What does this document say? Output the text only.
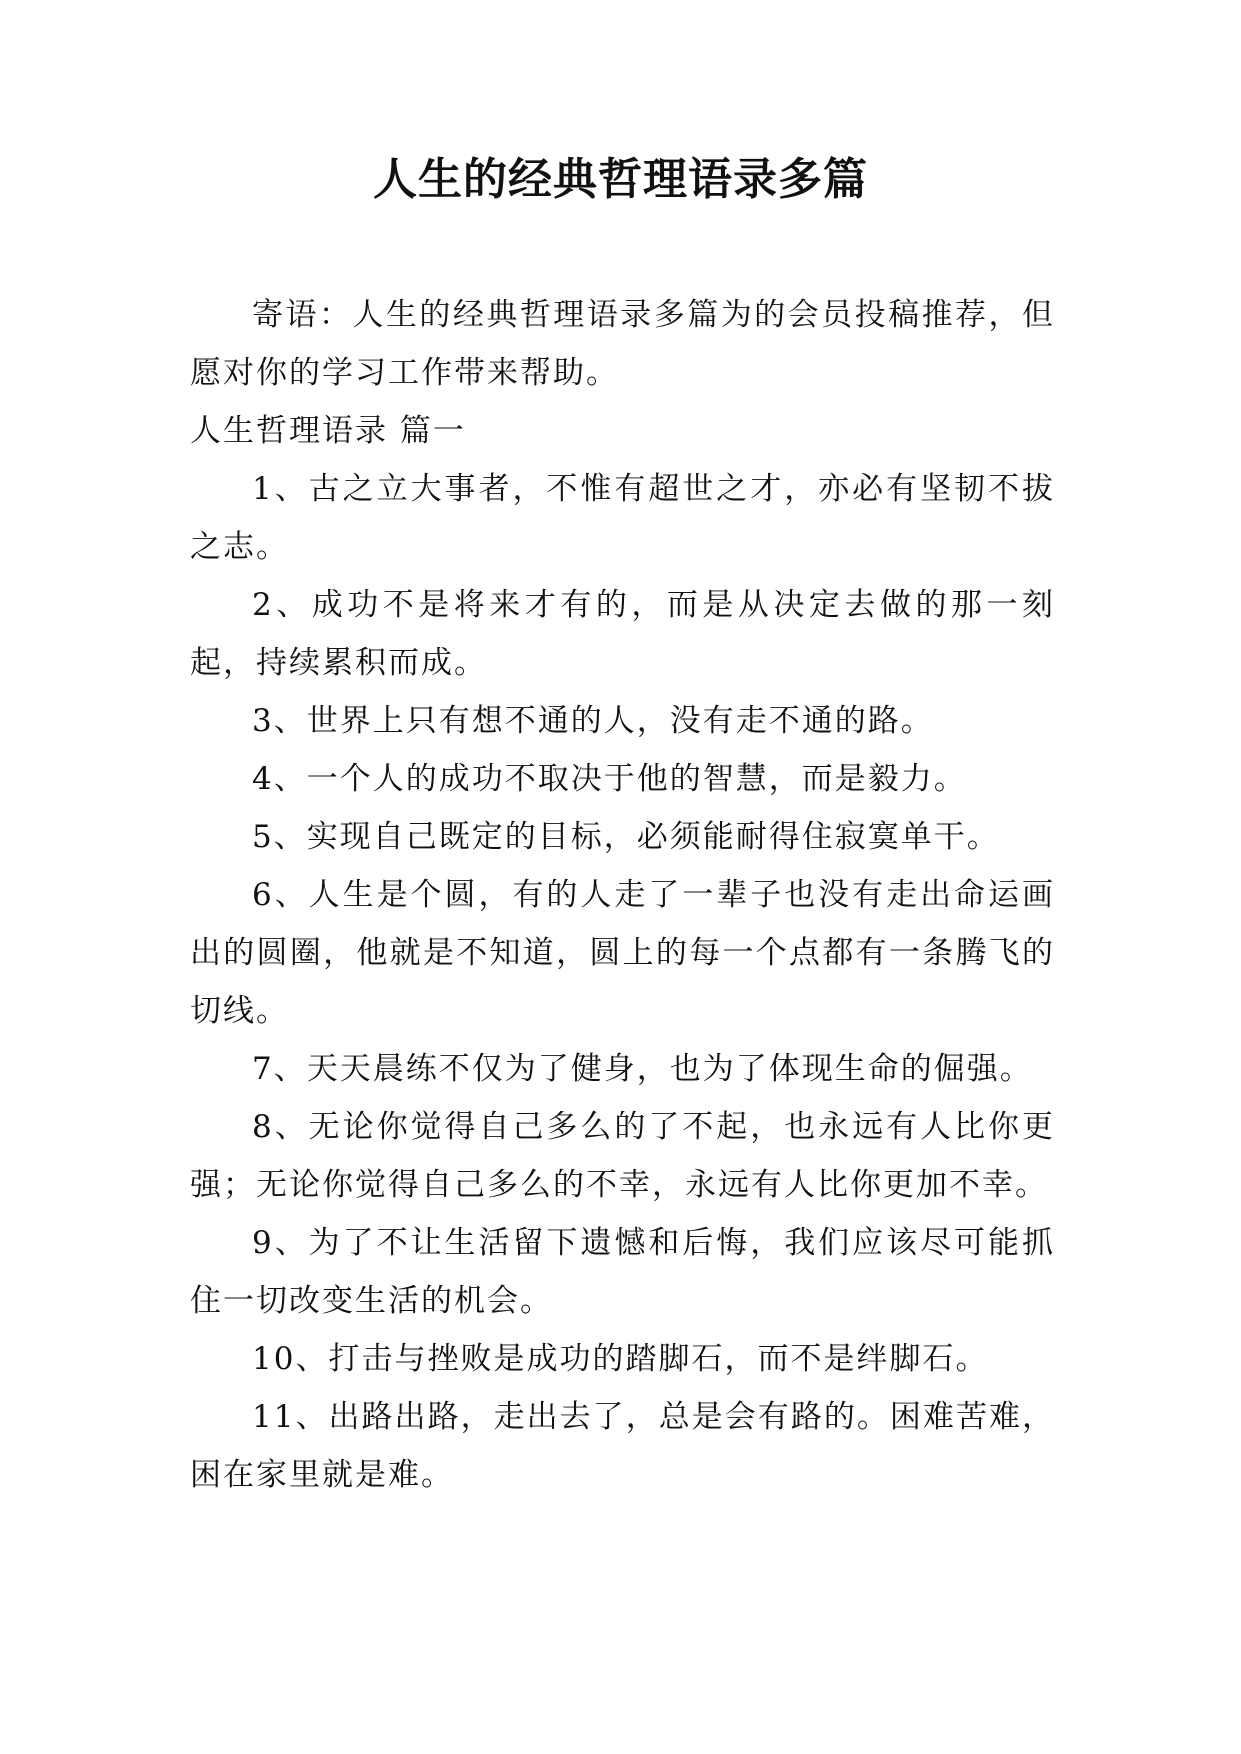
人生的经典哲理语录多篇

寄语：人生的经典哲理语录多篇为的会员投稿推荐，但愿对你的学习工作带来帮助。

人生哲理语录 篇一

1、古之立大事者，不惟有超世之才，亦必有坚韧不拔之志。

2、成功不是将来才有的，而是从决定去做的那一刻起，持续累积而成。

3、世界上只有想不通的人，没有走不通的路。

4、一个人的成功不取决于他的智慧，而是毅力。

5、实现自己既定的目标，必须能耐得住寂寞单干。

6、人生是个圆，有的人走了一辈子也没有走出命运画出的圆圈，他就是不知道，圆上的每一个点都有一条腾飞的切线。

7、天天晨练不仅为了健身，也为了体现生命的倔强。

8、无论你觉得自己多么的了不起，也永远有人比你更强；无论你觉得自己多么的不幸，永远有人比你更加不幸。

9、为了不让生活留下遗憾和后悔，我们应该尽可能抓住一切改变生活的机会。

10、打击与挫败是成功的踏脚石，而不是绊脚石。

11、出路出路，走出去了，总是会有路的。困难苦难，困在家里就是难。
